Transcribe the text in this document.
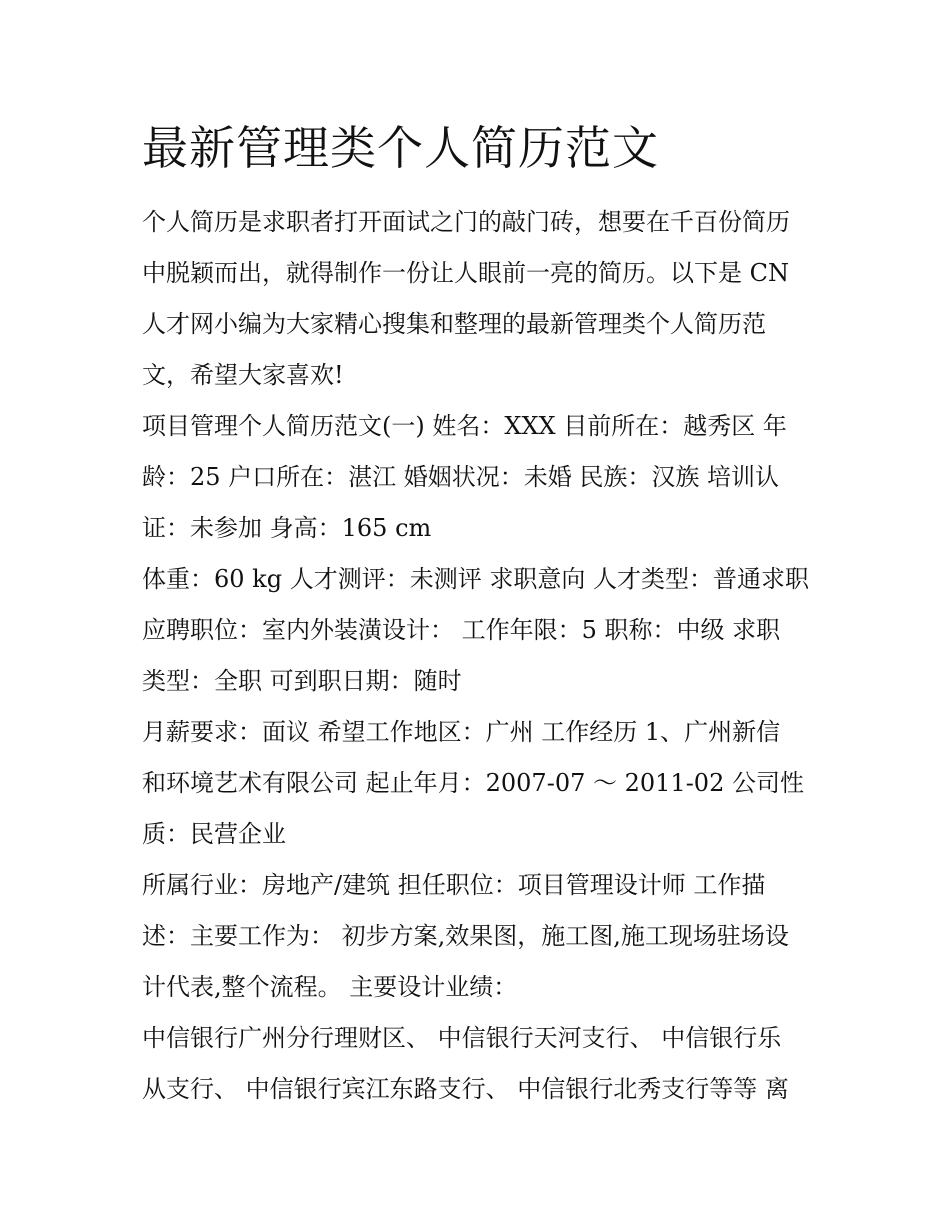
最新管理类个人简历范文

个人简历是求职者打开面试之门的敲门砖，想要在千百份简历
中脱颖而出，就得制作一份让人眼前一亮的简历。以下是 CN
人才网小编为大家精心搜集和整理的最新管理类个人简历范
文，希望大家喜欢!

项目管理个人简历范文(一) 姓名：XXX 目前所在：越秀区 年
龄：25 户口所在：湛江 婚姻状况：未婚 民族：汉族 培训认
证：未参加 身高：165 cm

体重：60 kg 人才测评：未测评 求职意向 人才类型：普通求职
应聘职位：室内外装潢设计： 工作年限：5 职称：中级 求职
类型：全职 可到职日期：随时

月薪要求：面议 希望工作地区：广州 工作经历 1、广州新信
和环境艺术有限公司 起止年月：2007-07 ～ 2011-02 公司性
质：民营企业

所属行业：房地产/建筑 担任职位：项目管理设计师 工作描
述：主要工作为： 初步方案,效果图，施工图,施工现场驻场设
计代表,整个流程。 主要设计业绩：

中信银行广州分行理财区、 中信银行天河支行、 中信银行乐
从支行、 中信银行宾江东路支行、 中信银行北秀支行等等 离
